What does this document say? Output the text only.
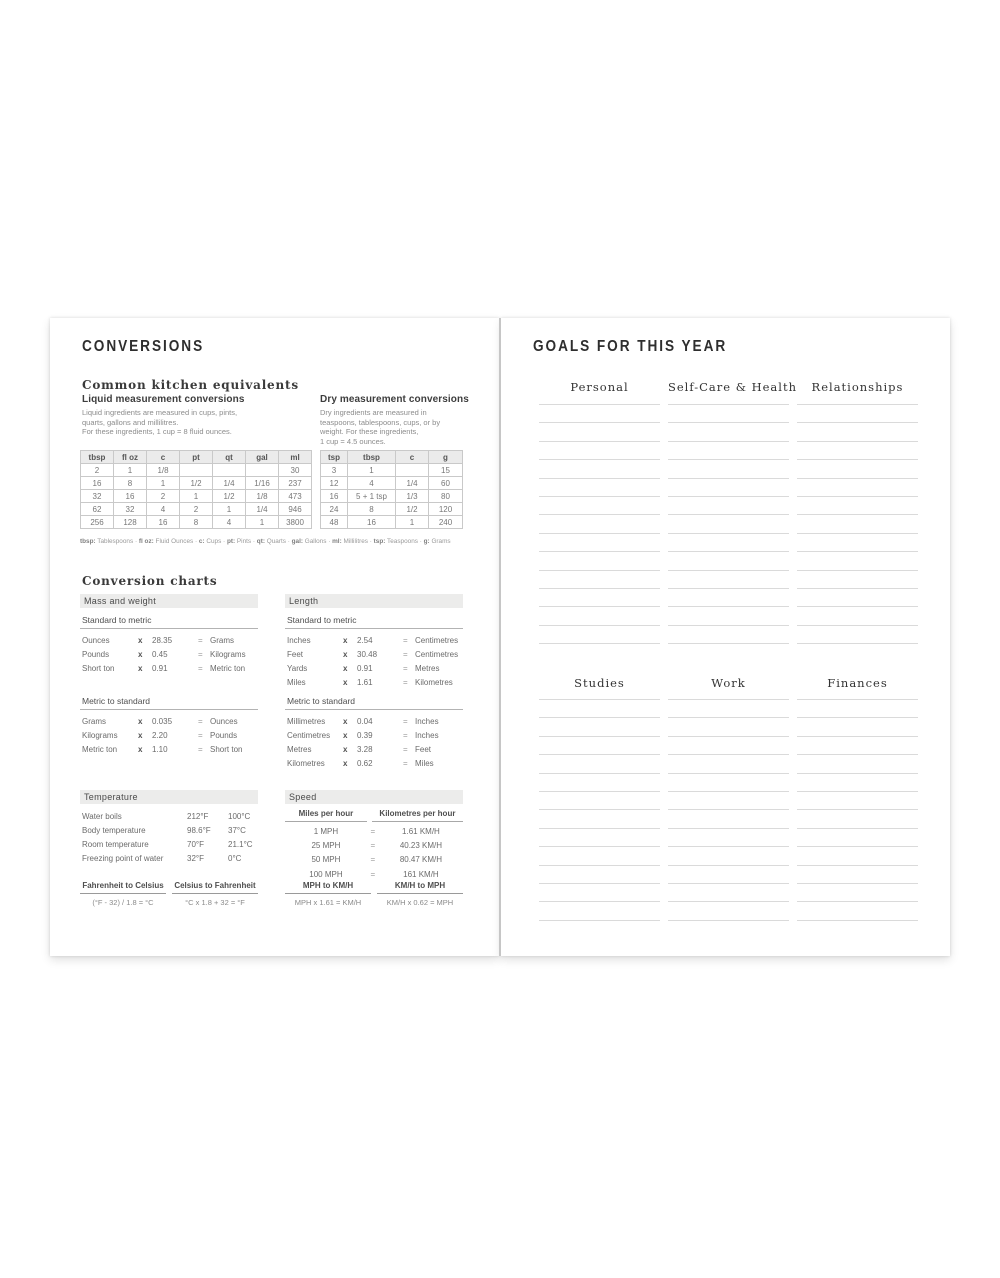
CONVERSIONS
Common kitchen equivalents
Liquid measurement conversions
Liquid ingredients are measured in cups, pints,
quarts, gallons and millilitres.
For these ingredients, 1 cup = 8 fluid ounces.
tbsp	fl oz	c	pt	qt	gal	ml
2	1	1/8				30
16	8	1	1/2	1/4	1/16	237
32	16	2	1	1/2	1/8	473
62	32	4	2	1	1/4	946
256	128	16	8	4	1	3800
Dry measurement conversions
Dry ingredients are measured in
teaspoons, tablespoons, cups, or by
weight. For these ingredients,
1 cup = 4.5 ounces.
tsp	tbsp	c	g
3	1		15
12	4	1/4	60
16	5 + 1 tsp	1/3	80
24	8	1/2	120
48	16	1	240
tbsp: Tablespoons · fl oz: Fluid Ounces · c: Cups · pt: Pints · qt: Quarts · gal: Gallons · ml: Millilitres · tsp: Teaspoons · g: Grams
Conversion charts
Mass and weight
Standard to metric
Ounces	x	28.35	= Grams
Pounds	x	0.45	= Kilograms
Short ton	x	0.91	= Metric ton
Length
Standard to metric
Inches	x	2.54	= Centimetres
Feet	x	30.48	= Centimetres
Yards	x	0.91	= Metres
Miles	x	1.61	= Kilometres
Metric to standard
Grams	x	0.035	= Ounces
Kilograms	x	2.20	= Pounds
Metric ton	x	1.10	= Short ton
Metric to standard
Millimetres	x	0.04	= Inches
Centimetres	x	0.39	= Inches
Metres	x	3.28	= Feet
Kilometres	x	0.62	= Miles
Temperature
Water boils	212°F	100°C
Body temperature	98.6°F	37°C
Room temperature	70°F	21.1°C
Freezing point of water	32°F	0°C
Speed
Miles per hour	Kilometres per hour
1 MPH	=	1.61 KM/H
25 MPH	=	40.23 KM/H
50 MPH	=	80.47 KM/H
100 MPH	=	161 KM/H
Fahrenheit to Celsius
(°F - 32) / 1.8 = °C
Celsius to Fahrenheit
°C x 1.8 + 32 = °F
MPH to KM/H
MPH x 1.61 = KM/H
KM/H to MPH
KM/H x 0.62 = MPH
GOALS FOR THIS YEAR
Personal	Self-Care & Health	Relationships
Studies	Work	Finances
